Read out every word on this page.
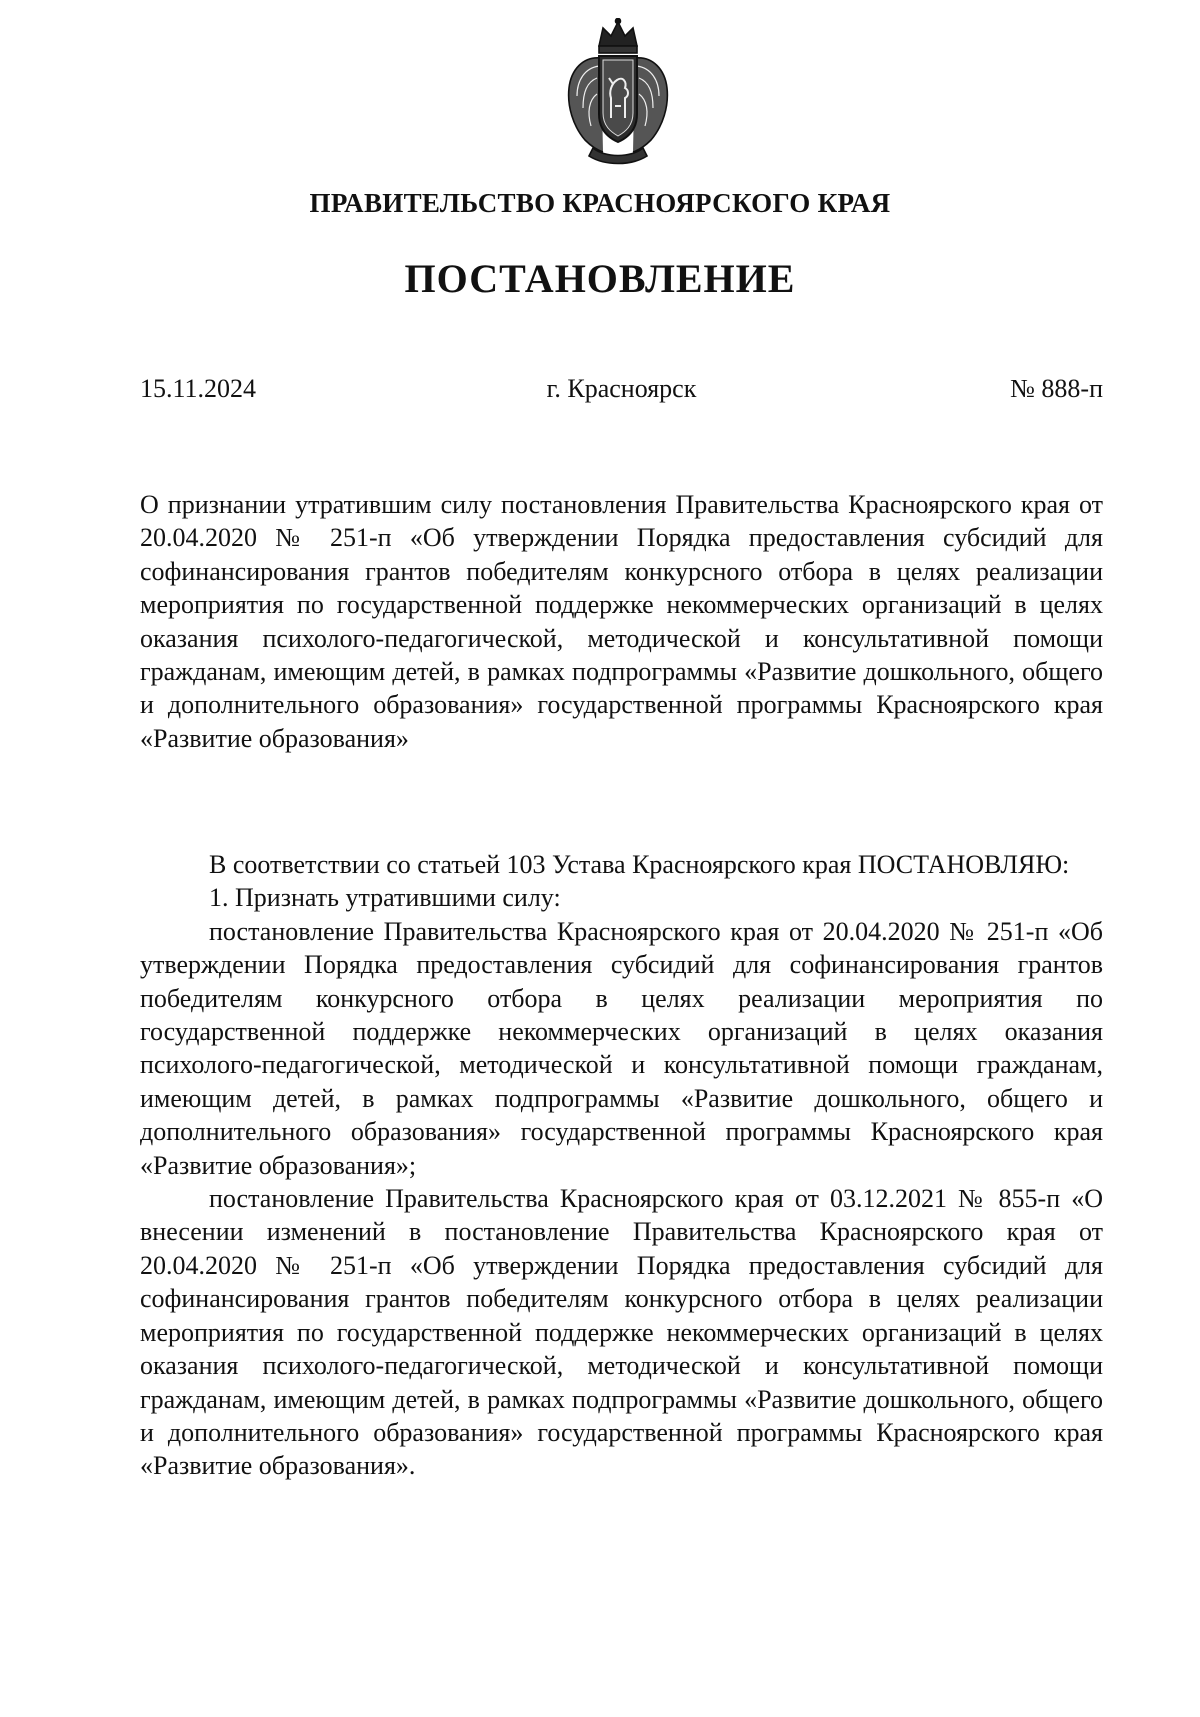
ПРАВИТЕЛЬСТВО КРАСНОЯРСКОГО КРАЯ
ПОСТАНОВЛЕНИЕ
15.11.2024	г. Красноярск	№ 888-п

О признании утратившим силу постановления Правительства Красноярского края от 20.04.2020 № 251-п «Об утверждении Порядка предоставления субсидий для софинансирования грантов победителям конкурсного отбора в целях реализации мероприятия по государственной поддержке некоммерческих организаций в целях оказания психолого-педагогической, методической и консультативной помощи гражданам, имеющим детей, в рамках подпрограммы «Развитие дошкольного, общего и дополнительного образования» государственной программы Красноярского края «Развитие образования»

В соответствии со статьей 103 Устава Красноярского края ПОСТАНОВЛЯЮ:

1. Признать утратившими силу:

постановление Правительства Красноярского края от 20.04.2020 № 251-п «Об утверждении Порядка предоставления субсидий для софинансирования грантов победителям конкурсного отбора в целях реализации мероприятия по государственной поддержке некоммерческих организаций в целях оказания психолого-педагогической, методической и консультативной помощи гражданам, имеющим детей, в рамках подпрограммы «Развитие дошкольного, общего и дополнительного образования» государственной программы Красноярского края «Развитие образования»;

постановление Правительства Красноярского края от 03.12.2021 № 855-п «О внесении изменений в постановление Правительства Красноярского края от 20.04.2020 № 251-п «Об утверждении Порядка предоставления субсидий для софинансирования грантов победителям конкурсного отбора в целях реализации мероприятия по государственной поддержке некоммерческих организаций в целях оказания психолого-педагогической, методической и консультативной помощи гражданам, имеющим детей, в рамках подпрограммы «Развитие дошкольного, общего и дополнительного образования» государственной программы Красноярского края «Развитие образования».
